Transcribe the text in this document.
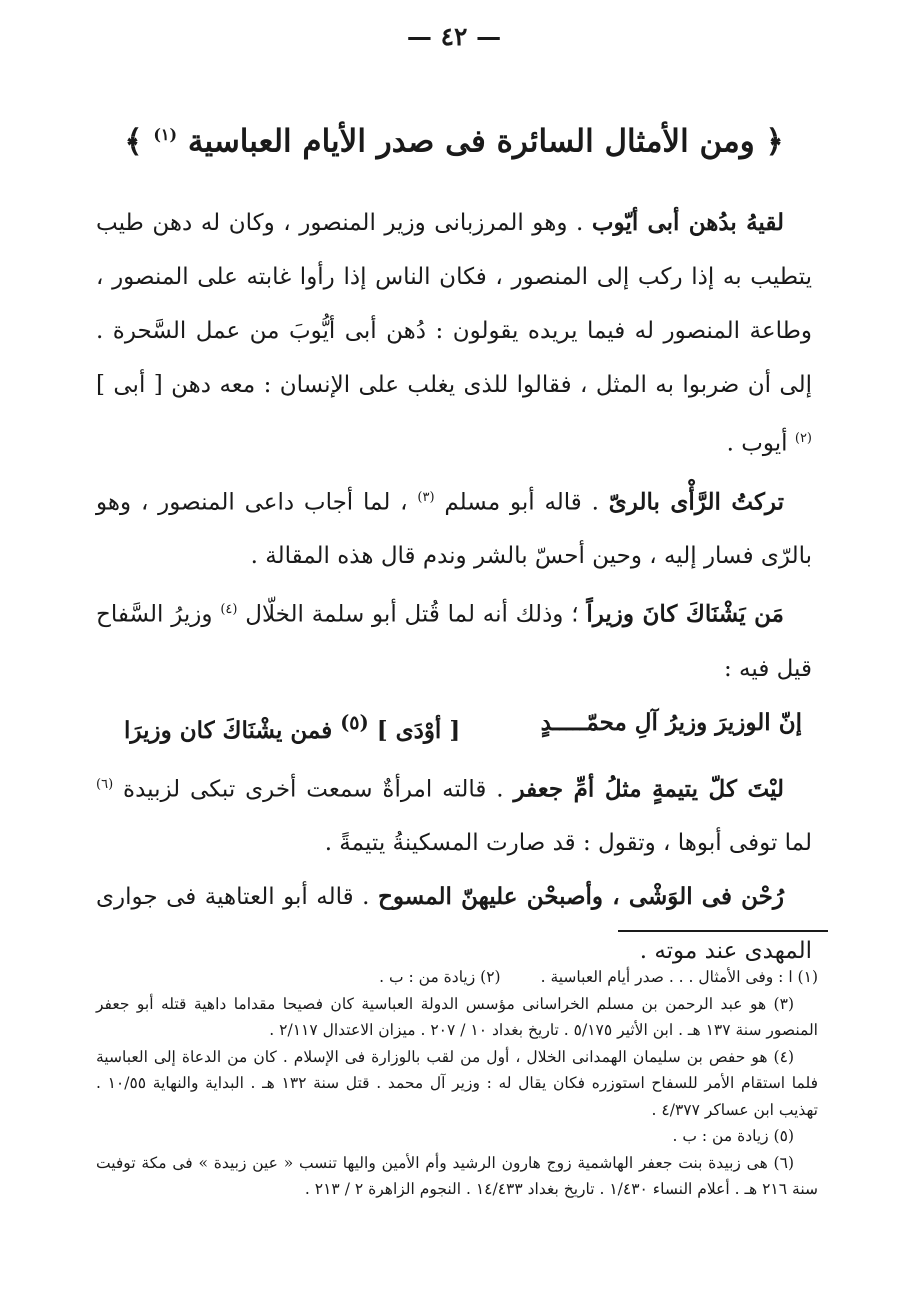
— ٤٢ —
﴿ ومن الأمثال السائرة فى صدر الأيام العباسية $^{(١)}$ ﴾

لقيهُ بدُهن أبى أيّوب . وهو المرزبانى وزير المنصور ، وكان له دهن طيب يتطيب به إذا ركب إلى المنصور ، فكان الناس إذا رأوا غابته على المنصور ، وطاعة المنصور له فيما يريده يقولون : دُهن أبى أيُّوبَ من عمل السَّحرة . إلى أن ضربوا به المثل ، فقالوا للذى يغلب على الإنسان : معه دهن [ أبى ] $^{(٢)}$ أيوب .

تركتُ الرَّأْى بالرىّ . قاله أبو مسلم $^{(٣)}$ ، لما أجاب داعى المنصور ، وهو بالرّى فسار إليه ، وحين أحسّ بالشر وندم قال هذه المقالة .

مَن يَشْنَاكَ كانَ وزيراً ؛ وذلك أنه لما قُتل أبو سلمة الخلّال $^{(٤)}$ وزيرُ السَّفاح قيل فيه :

إنّ الوزيرَ وزيرُ آلِ محمّـــــدٍ
[ أوْدَى ] $^{(٥)}$ فمن يشْنَاكَ كان وزيرَا

ليْتَ كلّ يتيمةٍ مثلُ أمِّ جعفر . قالته امرأةٌ سمعت أخرى تبكى لزبيدة $^{(٦)}$ لما توفى أبوها ، وتقول : قد صارت المسكينةُ يتيمةً .

رُحْن فى الوَشْى ، وأصبحْن عليهنّ المسوح . قاله أبو العتاهية فى جوارى المهدى عند موته .

(١) ا : وفى الأمثال . . . صدر أيام العباسية .
(٢) زيادة من : ب .

(٣) هو عبد الرحمن بن مسلم الخراسانى مؤسس الدولة العباسية كان فصيحا مقداما داهية قتله أبو جعفر المنصور سنة ١٣٧ هـ . ابن الأثير ٥/١٧٥ . تاريخ بغداد ١٠ / ٢٠٧ . ميزان الاعتدال ٢/١١٧ .

(٤) هو حفص بن سليمان الهمدانى الخلال ، أول من لقب بالوزارة فى الإسلام . كان من الدعاة إلى العباسية فلما استقام الأمر للسفاح استوزره فكان يقال له : وزير آل محمد . قتل سنة ١٣٢ هـ . البداية والنهاية ١٠/٥٥ . تهذيب ابن عساكر ٤/٣٧٧ .

(٥) زيادة من : ب .

(٦) هى زبيدة بنت جعفر الهاشمية زوج هارون الرشيد وأم الأمين واليها تنسب « عين زبيدة » فى مكة توفيت سنة ٢١٦ هـ . أعلام النساء ١/٤٣٠ . تاريخ بغداد ١٤/٤٣٣ . النجوم الزاهرة ٢ / ٢١٣ .
